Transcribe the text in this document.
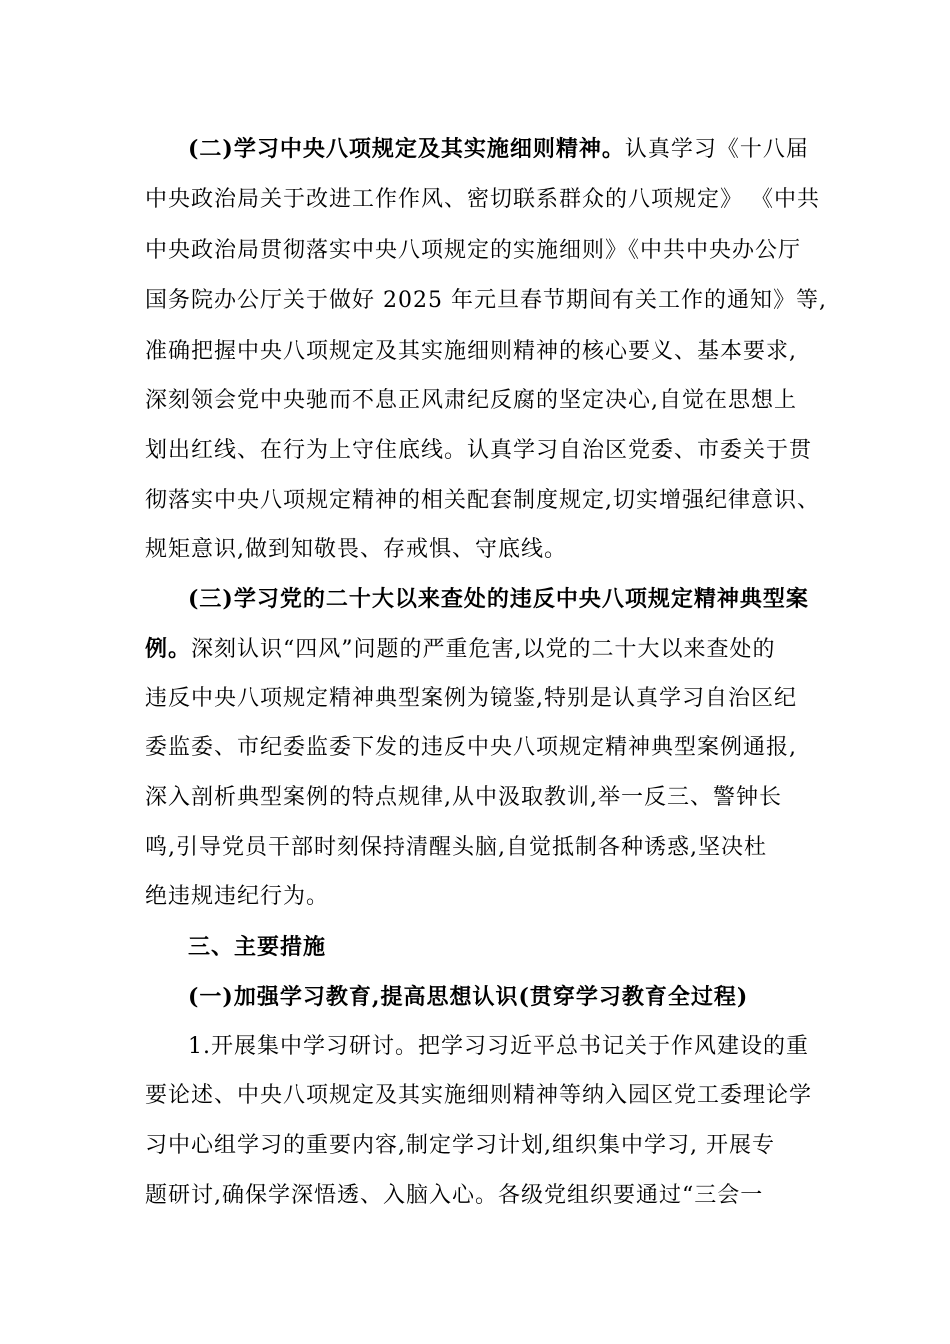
(二)学习中央八项规定及其实施细则精神。认真学习《十八届
中央政治局关于改进工作作风、密切联系群众的八项规定》 《中共
中央政治局贯彻落实中央八项规定的实施细则》《中共中央办公厅
国务院办公厅关于做好 2025 年元旦春节期间有关工作的通知》等,
准确把握中央八项规定及其实施细则精神的核心要义、基本要求,
深刻领会党中央驰而不息正风肃纪反腐的坚定决心,自觉在思想上
划出红线、在行为上守住底线。认真学习自治区党委、市委关于贯
彻落实中央八项规定精神的相关配套制度规定,切实增强纪律意识、
规矩意识,做到知敬畏、存戒惧、守底线。
(三)学习党的二十大以来查处的违反中央八项规定精神典型案
例。深刻认识“四风”问题的严重危害,以党的二十大以来查处的
违反中央八项规定精神典型案例为镜鉴,特别是认真学习自治区纪
委监委、市纪委监委下发的违反中央八项规定精神典型案例通报,
深入剖析典型案例的特点规律,从中汲取教训,举一反三、警钟长
鸣,引导党员干部时刻保持清醒头脑,自觉抵制各种诱惑,坚决杜
绝违规违纪行为。
三、主要措施
(一)加强学习教育,提高思想认识(贯穿学习教育全过程)
1.开展集中学习研讨。把学习习近平总书记关于作风建设的重
要论述、中央八项规定及其实施细则精神等纳入园区党工委理论学
习中心组学习的重要内容,制定学习计划,组织集中学习, 开展专
题研讨,确保学深悟透、入脑入心。各级党组织要通过“三会一
